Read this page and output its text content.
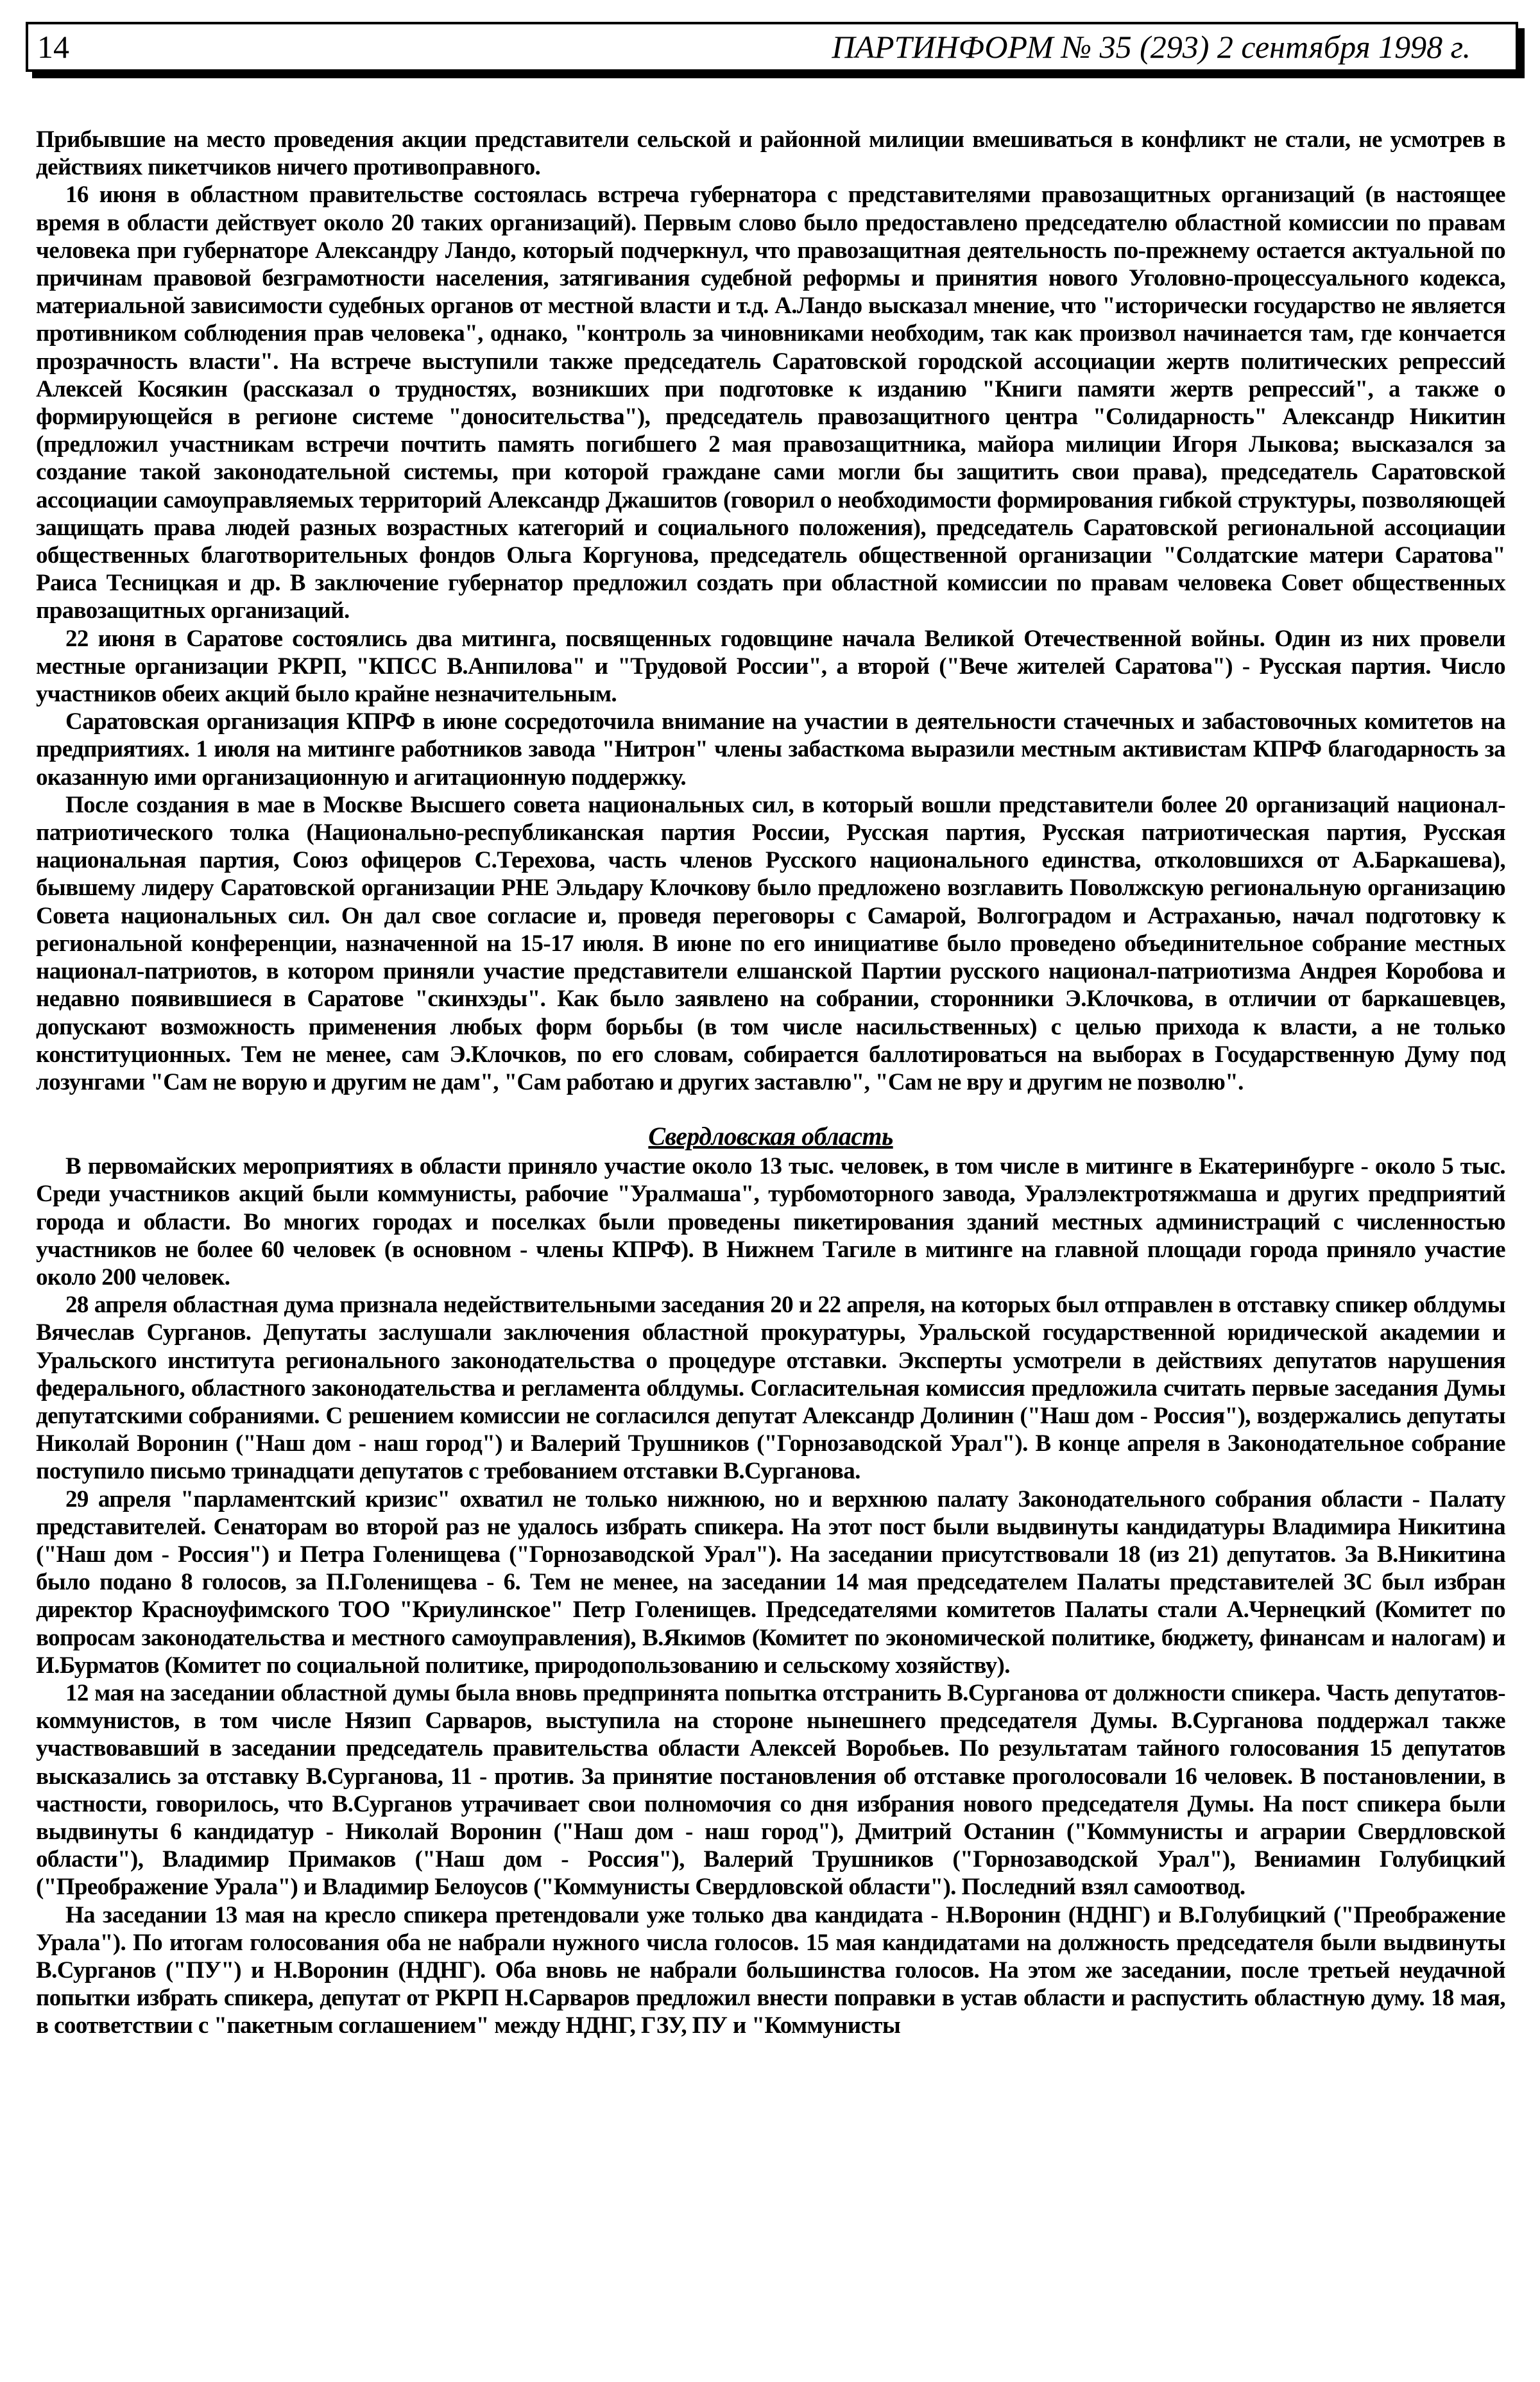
14	ПАРТИНФОРМ № 35 (293) 2 сентября 1998 г.

Прибывшие на место проведения акции представители сельской и районной милиции вмешиваться в конфликт не стали, не усмотрев в действиях пикетчиков ничего противоправного.

16 июня в областном правительстве состоялась встреча губернатора с представителями правозащитных организаций (в настоящее время в области действует около 20 таких организаций). Первым слово было предоставлено председателю областной комиссии по правам человека при губернаторе Александру Ландо, который подчеркнул, что правозащитная деятельность по-прежнему остается актуальной по причинам правовой безграмотности населения, затягивания судебной реформы и принятия нового Уголовно-процессуального кодекса, материальной зависимости судебных органов от местной власти и т.д. А.Ландо высказал мнение, что "исторически государство не является противником соблюдения прав человека", однако, "контроль за чиновниками необходим, так как произвол начинается там, где кончается прозрачность власти". На встрече выступили также председатель Саратовской городской ассоциации жертв политических репрессий Алексей Косякин (рассказал о трудностях, возникших при подготовке к изданию "Книги памяти жертв репрессий", а также о формирующейся в регионе системе "доносительства"), председатель правозащитного центра "Солидарность" Александр Никитин (предложил участникам встречи почтить память погибшего 2 мая правозащитника, майора милиции Игоря Лыкова; высказался за создание такой законодательной системы, при которой граждане сами могли бы защитить свои права), председатель Саратовской ассоциации самоуправляемых территорий Александр Джашитов (говорил о необходимости формирования гибкой структуры, позволяющей защищать права людей разных возрастных категорий и социального положения), председатель Саратовской региональной ассоциации общественных благотворительных фондов Ольга Коргунова, председатель общественной организации "Солдатские матери Саратова" Раиса Тесницкая и др. В заключение губернатор предложил создать при областной комиссии по правам человека Совет общественных правозащитных организаций.

22 июня в Саратове состоялись два митинга, посвященных годовщине начала Великой Отечественной войны. Один из них провели местные организации РКРП, "КПСС В.Анпилова" и "Трудовой России", а второй ("Вече жителей Саратова") - Русская партия. Число участников обеих акций было крайне незначительным.

Саратовская организация КПРФ в июне сосредоточила внимание на участии в деятельности стачечных и забастовочных комитетов на предприятиях. 1 июля на митинге работников завода "Нитрон" члены забасткома выразили местным активистам КПРФ благодарность за оказанную ими организационную и агитационную поддержку.

После создания в мае в Москве Высшего совета национальных сил, в который вошли представители более 20 организаций национал-патриотического толка (Национально-республиканская партия России, Русская партия, Русская патриотическая партия, Русская национальная партия, Союз офицеров С.Терехова, часть членов Русского национального единства, отколовшихся от А.Баркашева), бывшему лидеру Саратовской организации РНЕ Эльдару Клочкову было предложено возглавить Поволжскую региональную организацию Совета национальных сил. Он дал свое согласие и, проведя переговоры с Самарой, Волгоградом и Астраханью, начал подготовку к региональной конференции, назначенной на 15-17 июля. В июне по его инициативе было проведено объединительное собрание местных национал-патриотов, в котором приняли участие представители елшанской Партии русского национал-патриотизма Андрея Коробова и недавно появившиеся в Саратове "скинхэды". Как было заявлено на собрании, сторонники Э.Клочкова, в отличии от баркашевцев, допускают возможность применения любых форм борьбы (в том числе насильственных) с целью прихода к власти, а не только конституционных. Тем не менее, сам Э.Клочков, по его словам, собирается баллотироваться на выборах в Государственную Думу под лозунгами "Сам не ворую и другим не дам", "Сам работаю и других заставлю", "Сам не вру и другим не позволю".

Свердловская область

В первомайских мероприятиях в области приняло участие около 13 тыс. человек, в том числе в митинге в Екатеринбурге - около 5 тыс. Среди участников акций были коммунисты, рабочие "Уралмаша", турбомоторного завода, Уралэлектротяжмаша и других предприятий города и области. Во многих городах и поселках были проведены пикетирования зданий местных администраций с численностью участников не более 60 человек (в основном - члены КПРФ). В Нижнем Тагиле в митинге на главной площади города приняло участие около 200 человек.

28 апреля областная дума признала недействительными заседания 20 и 22 апреля, на которых был отправлен в отставку спикер облдумы Вячеслав Сурганов. Депутаты заслушали заключения областной прокуратуры, Уральской государственной юридической академии и Уральского института регионального законодательства о процедуре отставки. Эксперты усмотрели в действиях депутатов нарушения федерального, областного законодательства и регламента облдумы. Согласительная комиссия предложила считать первые заседания Думы депутатскими собраниями. С решением комиссии не согласился депутат Александр Долинин ("Наш дом - Россия"), воздержались депутаты Николай Воронин ("Наш дом - наш город") и Валерий Трушников ("Горнозаводской Урал"). В конце апреля в Законодательное собрание поступило письмо тринадцати депутатов с требованием отставки В.Сурганова.

29 апреля "парламентский кризис" охватил не только нижнюю, но и верхнюю палату Законодательного собрания области - Палату представителей. Сенаторам во второй раз не удалось избрать спикера. На этот пост были выдвинуты кандидатуры Владимира Никитина ("Наш дом - Россия") и Петра Голенищева ("Горнозаводской Урал"). На заседании присутствовали 18 (из 21) депутатов. За В.Никитина было подано 8 голосов, за П.Голенищева - 6. Тем не менее, на заседании 14 мая председателем Палаты представителей ЗС был избран директор Красноуфимского ТОО "Криулинское" Петр Голенищев. Председателями комитетов Палаты стали А.Чернецкий (Комитет по вопросам законодательства и местного самоуправления), В.Якимов (Комитет по экономической политике, бюджету, финансам и налогам) и И.Бурматов (Комитет по социальной политике, природопользованию и сельскому хозяйству).

12 мая на заседании областной думы была вновь предпринята попытка отстранить В.Сурганова от должности спикера. Часть депутатов-коммунистов, в том числе Нязип Сарваров, выступила на стороне нынешнего председателя Думы. В.Сурганова поддержал также участвовавший в заседании председатель правительства области Алексей Воробьев. По результатам тайного голосования 15 депутатов высказались за отставку В.Сурганова, 11 - против. За принятие постановления об отставке проголосовали 16 человек. В постановлении, в частности, говорилось, что В.Сурганов утрачивает свои полномочия со дня избрания нового председателя Думы. На пост спикера были выдвинуты 6 кандидатур - Николай Воронин ("Наш дом - наш город"), Дмитрий Останин ("Коммунисты и аграрии Свердловской области"), Владимир Примаков ("Наш дом - Россия"), Валерий Трушников ("Горнозаводской Урал"), Вениамин Голубицкий ("Преображение Урала") и Владимир Белоусов ("Коммунисты Свердловской области"). Последний взял самоотвод.

На заседании 13 мая на кресло спикера претендовали уже только два кандидата - Н.Воронин (НДНГ) и В.Голубицкий ("Преображение Урала"). По итогам голосования оба не набрали нужного числа голосов. 15 мая кандидатами на должность председателя были выдвинуты В.Сурганов ("ПУ") и Н.Воронин (НДНГ). Оба вновь не набрали большинства голосов. На этом же заседании, после третьей неудачной попытки избрать спикера, депутат от РКРП Н.Сарваров предложил внести поправки в устав области и распустить областную думу. 18 мая, в соответствии с "пакетным соглашением" между НДНГ, ГЗУ, ПУ и "Коммунисты
